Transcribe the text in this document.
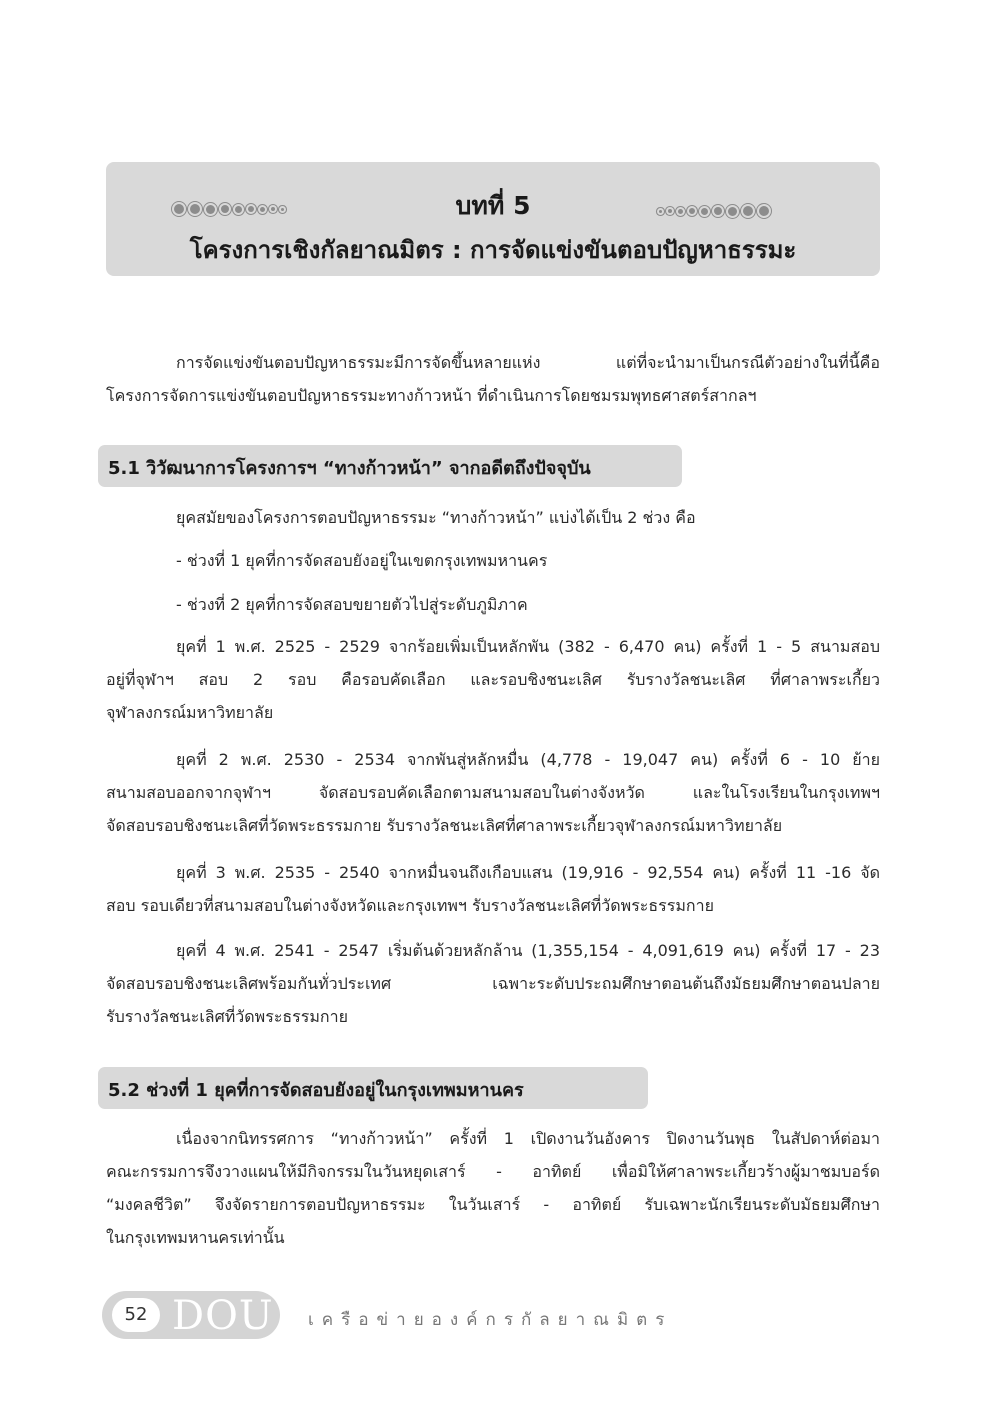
บทที่ 5
โครงการเชิงกัลยาณมิตร : การจัดแข่งขันตอบปัญหาธรรมะ
การจัดแข่งขันตอบปัญหาธรรมะมีการจัดขึ้นหลายแห่ง แต่ที่จะนำมาเป็นกรณีตัวอย่างในที่นี้คือ
โครงการจัดการแข่งขันตอบปัญหาธรรมะทางก้าวหน้า ที่ดำเนินการโดยชมรมพุทธศาสตร์สากลฯ
5.1 วิวัฒนาการโครงการฯ “ทางก้าวหน้า” จากอดีตถึงปัจจุบัน
ยุคสมัยของโครงการตอบปัญหาธรรมะ “ทางก้าวหน้า” แบ่งได้เป็น 2 ช่วง คือ
- ช่วงที่ 1 ยุคที่การจัดสอบยังอยู่ในเขตกรุงเทพมหานคร
- ช่วงที่ 2 ยุคที่การจัดสอบขยายตัวไปสู่ระดับภูมิภาค
ยุคที่ 1 พ.ศ. 2525 - 2529 จากร้อยเพิ่มเป็นหลักพัน (382 - 6,470 คน) ครั้งที่ 1 - 5 สนามสอบ
อยู่ที่จุฬาฯ สอบ 2 รอบ คือรอบคัดเลือก และรอบชิงชนะเลิศ รับรางวัลชนะเลิศ ที่ศาลาพระเกี้ยว
จุฬาลงกรณ์มหาวิทยาลัย
ยุคที่ 2 พ.ศ. 2530 - 2534 จากพันสู่หลักหมื่น (4,778 - 19,047 คน) ครั้งที่ 6 - 10 ย้าย
สนามสอบออกจากจุฬาฯ จัดสอบรอบคัดเลือกตามสนามสอบในต่างจังหวัด และในโรงเรียนในกรุงเทพฯ
จัดสอบรอบชิงชนะเลิศที่วัดพระธรรมกาย รับรางวัลชนะเลิศที่ศาลาพระเกี้ยวจุฬาลงกรณ์มหาวิทยาลัย
ยุคที่ 3 พ.ศ. 2535 - 2540 จากหมื่นจนถึงเกือบแสน (19,916 - 92,554 คน) ครั้งที่ 11 -16 จัด
สอบ รอบเดียวที่สนามสอบในต่างจังหวัดและกรุงเทพฯ รับรางวัลชนะเลิศที่วัดพระธรรมกาย
ยุคที่ 4 พ.ศ. 2541 - 2547 เริ่มต้นด้วยหลักล้าน (1,355,154 - 4,091,619 คน) ครั้งที่ 17 - 23
จัดสอบรอบชิงชนะเลิศพร้อมกันทั่วประเทศ เฉพาะระดับประถมศึกษาตอนต้นถึงมัธยมศึกษาตอนปลาย
รับรางวัลชนะเลิศที่วัดพระธรรมกาย
5.2 ช่วงที่ 1 ยุคที่การจัดสอบยังอยู่ในกรุงเทพมหานคร
เนื่องจากนิทรรศการ “ทางก้าวหน้า” ครั้งที่ 1 เปิดงานวันอังคาร ปิดงานวันพุธ ในสัปดาห์ต่อมา
คณะกรรมการจึงวางแผนให้มีกิจกรรมในวันหยุดเสาร์ - อาทิตย์ เพื่อมิให้ศาลาพระเกี้ยวร้างผู้มาชมบอร์ด
“มงคลชีวิต” จึงจัดรายการตอบปัญหาธรรมะ ในวันเสาร์ - อาทิตย์ รับเฉพาะนักเรียนระดับมัธยมศึกษา
ในกรุงเทพมหานครเท่านั้น
52 DOU เครือข่ายองค์กรกัลยาณมิตร
